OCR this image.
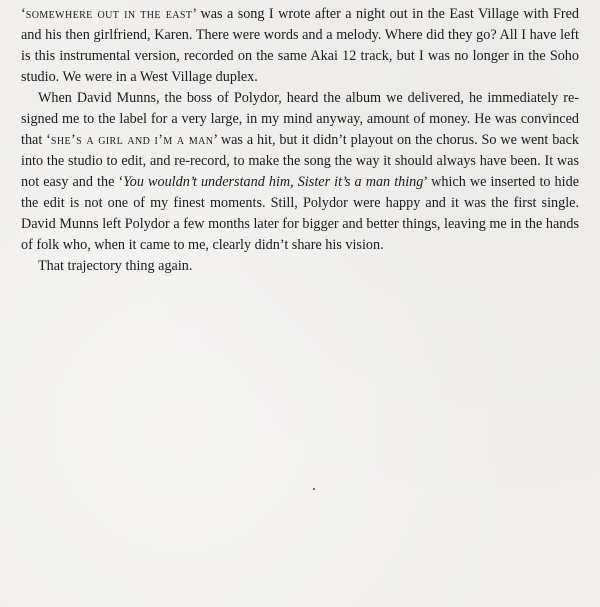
‘somewhere out in the east’ was a song I wrote after a night out in the East Village with Fred and his then girlfriend, Karen. There were words and a melody. Where did they go? All I have left is this instrumental version, recorded on the same Akai 12 track, but I was no longer in the Soho studio. We were in a West Village duplex.

When David Munns, the boss of Polydor, heard the album we delivered, he immediately re-signed me to the label for a very large, in my mind anyway, amount of money. He was convinced that ‘she’s a girl and i’m a man’ was a hit, but it didn’t playout on the chorus. So we went back into the studio to edit, and re-record, to make the song the way it should always have been. It was not easy and the ‘You wouldn’t understand him, Sister it’s a man thing’ which we inserted to hide the edit is not one of my finest moments. Still, Polydor were happy and it was the first single. David Munns left Polydor a few months later for bigger and better things, leaving me in the hands of folk who, when it came to me, clearly didn’t share his vision.

That trajectory thing again.
